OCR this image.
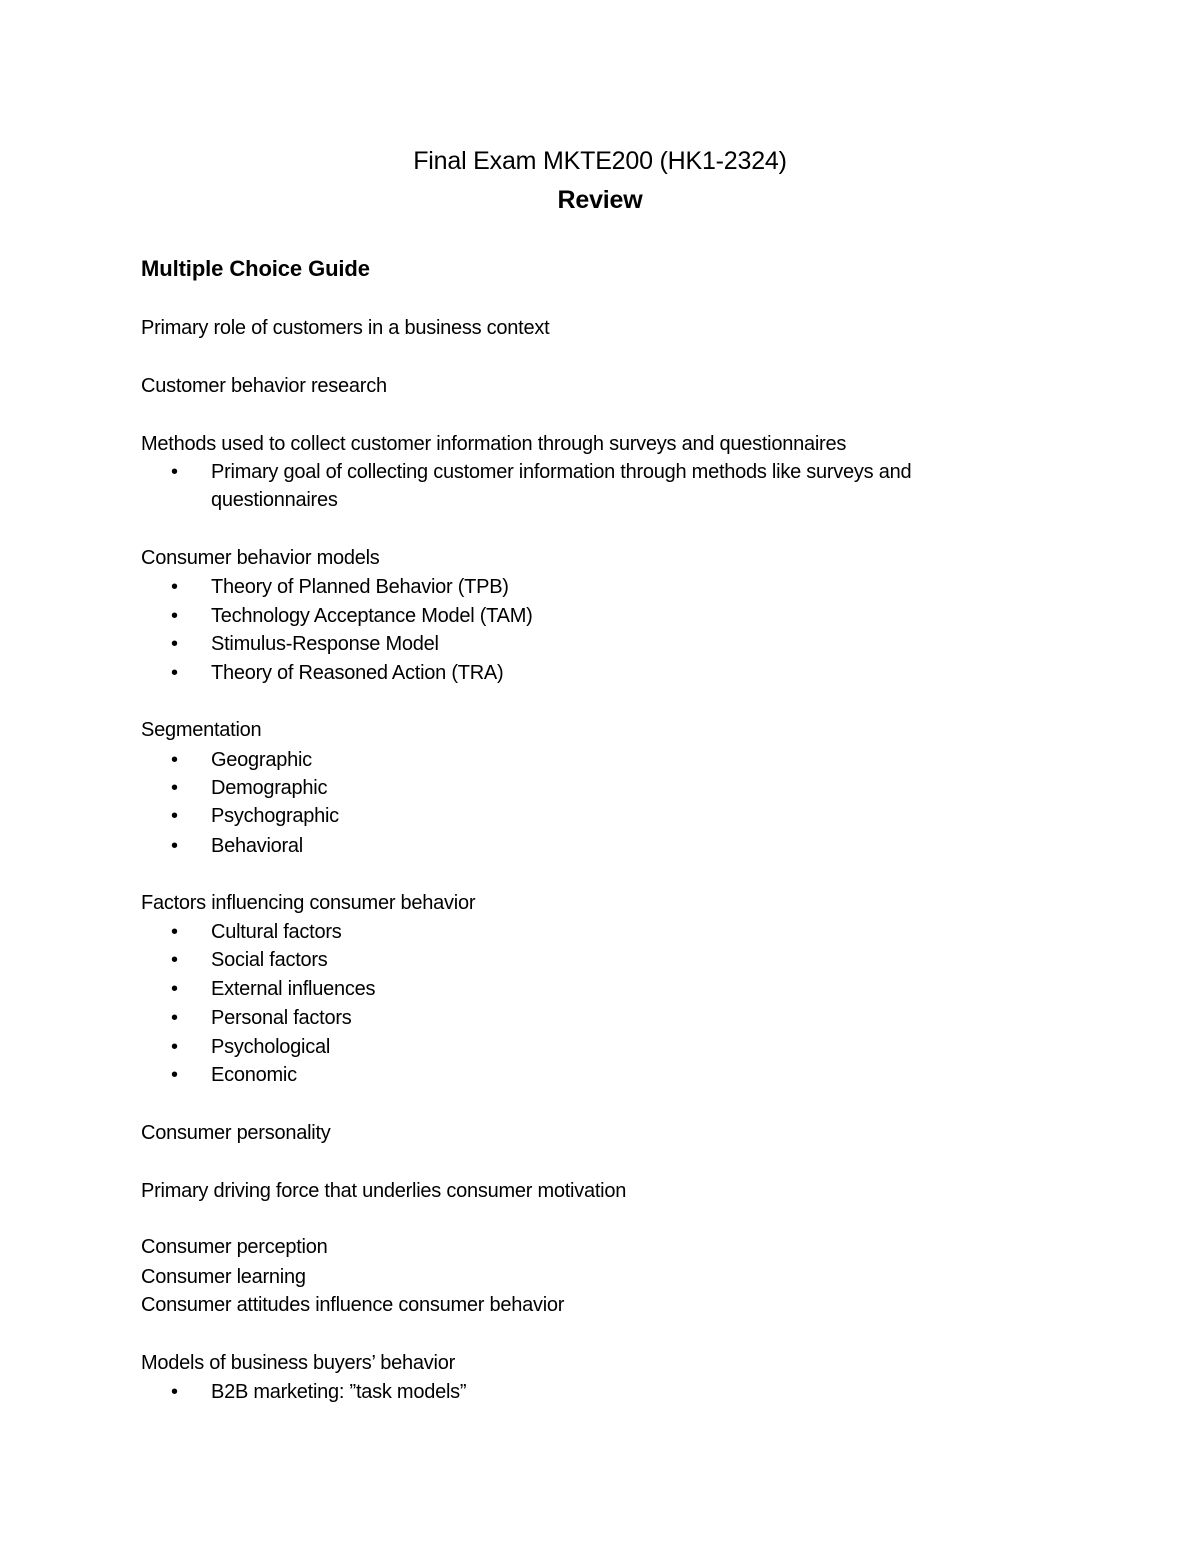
Final Exam MKTE200 (HK1-2324)
Review
Multiple Choice Guide
Primary role of customers in a business context
Customer behavior research
Methods used to collect customer information through surveys and questionnaires
• Primary goal of collecting customer information through methods like surveys and questionnaires
Consumer behavior models
• Theory of Planned Behavior (TPB)
• Technology Acceptance Model (TAM)
• Stimulus-Response Model
• Theory of Reasoned Action (TRA)
Segmentation
• Geographic
• Demographic
• Psychographic
• Behavioral
Factors influencing consumer behavior
• Cultural factors
• Social factors
• External influences
• Personal factors
• Psychological
• Economic
Consumer personality
Primary driving force that underlies consumer motivation
Consumer perception
Consumer learning
Consumer attitudes influence consumer behavior
Models of business buyers’ behavior
• B2B marketing: ”task models”
